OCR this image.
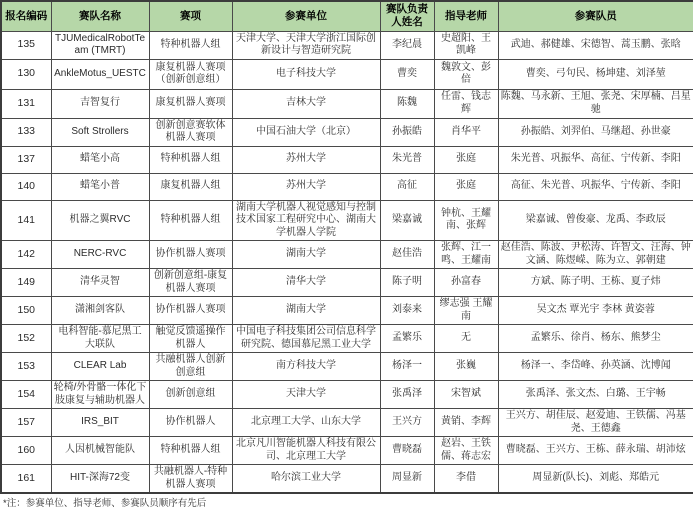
报名编码	赛队名称	赛项	参赛单位	赛队负责人姓名	指导老师	参赛队员
135	TJUMedicalRobotTeam (TMRT)	特种机器人组	天津大学、天津大学浙江国际创新设计与智造研究院	李纪晨	史超阳、王凯峰	武迪、郝健雄、宋德智、蒿玉鹏、张晗
130	AnkleMotus_UESTC	康复机器人赛项（创新创意组）	电子科技大学	曹奕	魏敦文、彭倍	曹奕、弓句民、杨坤建、刘泽堃
131	吉智复行	康复机器人赛项	吉林大学	陈魏	任雷、钱志辉	陈魏、马永新、王旭、张尧、宋厚楠、吕星驰
133	Soft Strollers	创新创意赛软体机器人赛项	中国石油大学（北京）	孙振皓	肖华平	孙振皓、刘羿伯、马继超、孙世豪
137	蜡笔小高	特种机器人组	苏州大学	朱光普	张庭	朱光普、巩振华、高征、宁传新、李阳
140	蜡笔小普	康复机器人组	苏州大学	高征	张庭	高征、朱光普、巩振华、宁传新、李阳
141	机器之翼RVC	特种机器人组	湖南大学机器人视觉感知与控制技术国家工程研究中心、湖南大学机器人学院	梁嘉诚	钟杭、王耀南、张辉	梁嘉诚、曾俊豪、龙禹、李政辰
142	NERC-RVC	协作机器人赛项	湖南大学	赵佳浩	张辉、江一鸣、王耀南	赵佳浩、陈波、尹松涛、许智文、汪海、钟文涵、陈煜嵘、陈为立、郭朝建
149	清华灵智	创新创意组-康复机器人赛项	清华大学	陈子明	孙富春	方斌、陈子明、王栋、夏子炜
150	潇湘剑客队	协作机器人赛项	湖南大学	刘泰来	缪志强 王耀南	吴文杰 覃光宇 李林 黄姿蓉
152	电科智能-慕尼黑工大联队	触觉反馈遥操作机器人	中国电子科技集团公司信息科学研究院、德国慕尼黑工业大学	孟繁乐	无	孟繁乐、徐肖、杨东、熊梦尘
153	CLEAR Lab	共融机器人创新创意组	南方科技大学	杨泽一	张巍	杨泽一、李岱峰、孙英涵、沈博闻
154	轮椅/外骨骼一体化下肢康复与辅助机器人	创新创意组	天津大学	张禹泽	宋智斌	张禹泽、张文杰、白璐、王宇畅
157	IRS_BIT	协作机器人	北京理工大学、山东大学	王兴方	黄销、李辉	王兴方、胡佳辰、赵爱迪、王铁儒、冯基尧、王德鑫
160	人因机械智能队	特种机器人组	北京凡川智能机器人科技有限公司、北京理工大学	曹晓磊	赵岩、王铁儒、蒋志宏	曹晓磊、王兴方、王栋、薛永瑞、胡沛炫
161	HIT-深海72变	共融机器人-特种机器人赛项	哈尔滨工业大学	周显新	李借	周显新(队长)、刘彪、郑皓元
*注：参赛单位、指导老师、参赛队员顺序有先后
